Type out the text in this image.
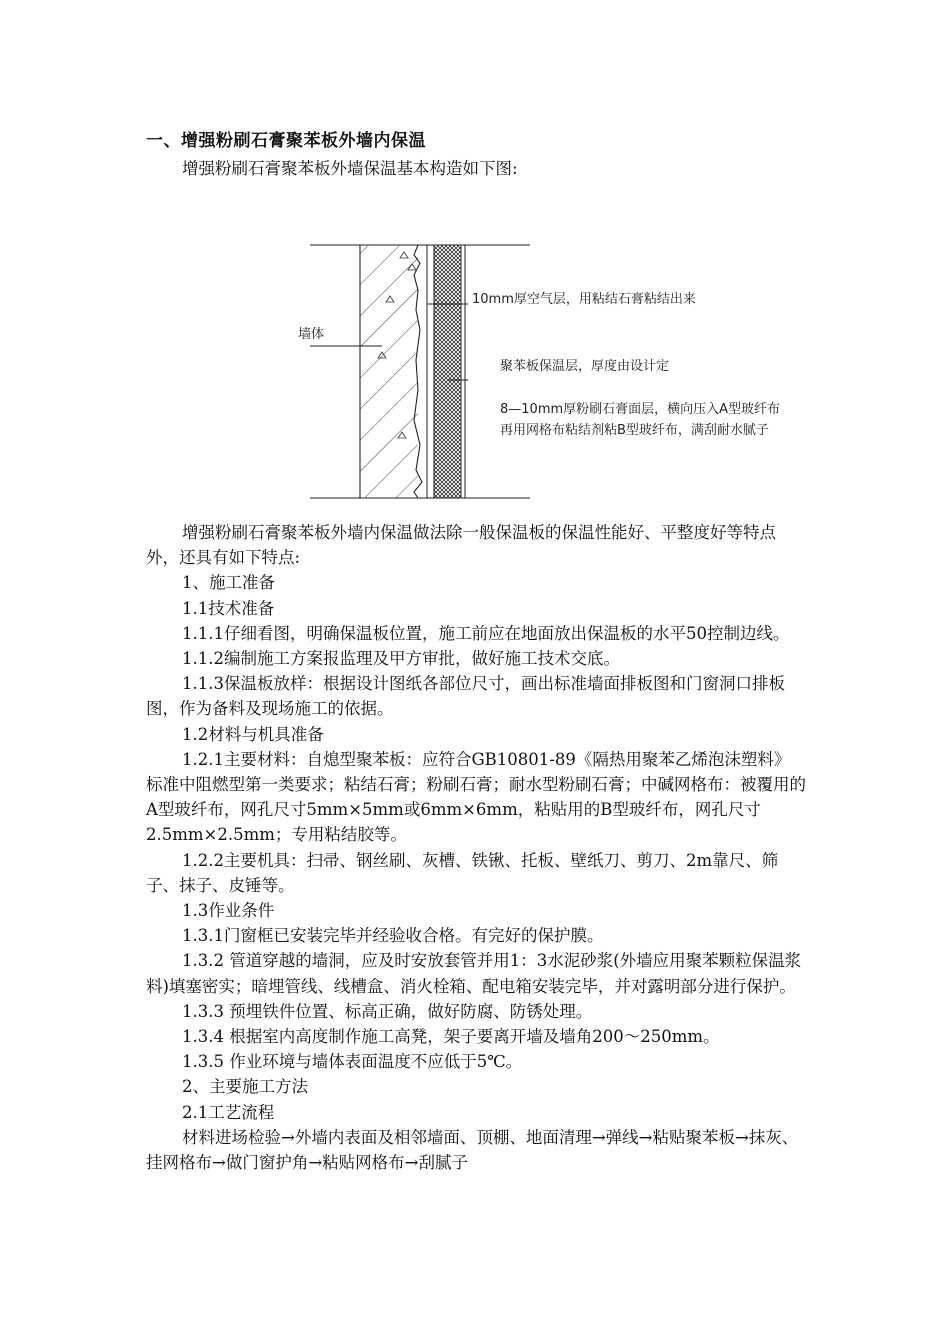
一、增强粉刷石膏聚苯板外墙内保温
增强粉刷石膏聚苯板外墙保温基本构造如下图:
墙体
10mm厚空气层，用粘结石膏粘结出来
聚苯板保温层，厚度由设计定
8—10mm厚粉刷石膏面层，横向压入A型玻纤布
再用网格布粘结剂粘B型玻纤布，满刮耐水腻子

增强粉刷石膏聚苯板外墙内保温做法除一般保温板的保温性能好、平整度好等特点外，还具有如下特点:

1、施工准备

1.1技术准备

1.1.1仔细看图，明确保温板位置，施工前应在地面放出保温板的水平50控制边线。

1.1.2编制施工方案报监理及甲方审批，做好施工技术交底。

1.1.3保温板放样：根据设计图纸各部位尺寸，画出标准墙面排板图和门窗洞口排板图，作为备料及现场施工的依据。

1.2材料与机具准备

1.2.1主要材料：自熄型聚苯板：应符合GB10801-89《隔热用聚苯乙烯泡沫塑料》标准中阻燃型第一类要求；粘结石膏；粉刷石膏；耐水型粉刷石膏；中碱网格布：被覆用的A型玻纤布，网孔尺寸5mm×5mm或6mm×6mm，粘贴用的B型玻纤布，网孔尺寸2.5mm×2.5mm；专用粘结胶等。

1.2.2主要机具：扫帚、钢丝刷、灰槽、铁锹、托板、壁纸刀、剪刀、2m靠尺、筛子、抹子、皮锤等。

1.3作业条件

1.3.1门窗框已安装完毕并经验收合格。有完好的保护膜。

1.3.2 管道穿越的墙洞，应及时安放套管并用1：3水泥砂浆(外墙应用聚苯颗粒保温浆料)填塞密实；暗埋管线、线槽盒、消火栓箱、配电箱安装完毕，并对露明部分进行保护。

1.3.3 预埋铁件位置、标高正确，做好防腐、防锈处理。

1.3.4 根据室内高度制作施工高凳，架子要离开墙及墙角200～250mm。

1.3.5 作业环境与墙体表面温度不应低于5℃。

2、主要施工方法

2.1工艺流程

材料进场检验→外墙内表面及相邻墙面、顶棚、地面清理→弹线→粘贴聚苯板→抹灰、挂网格布→做门窗护角→粘贴网格布→刮腻子
